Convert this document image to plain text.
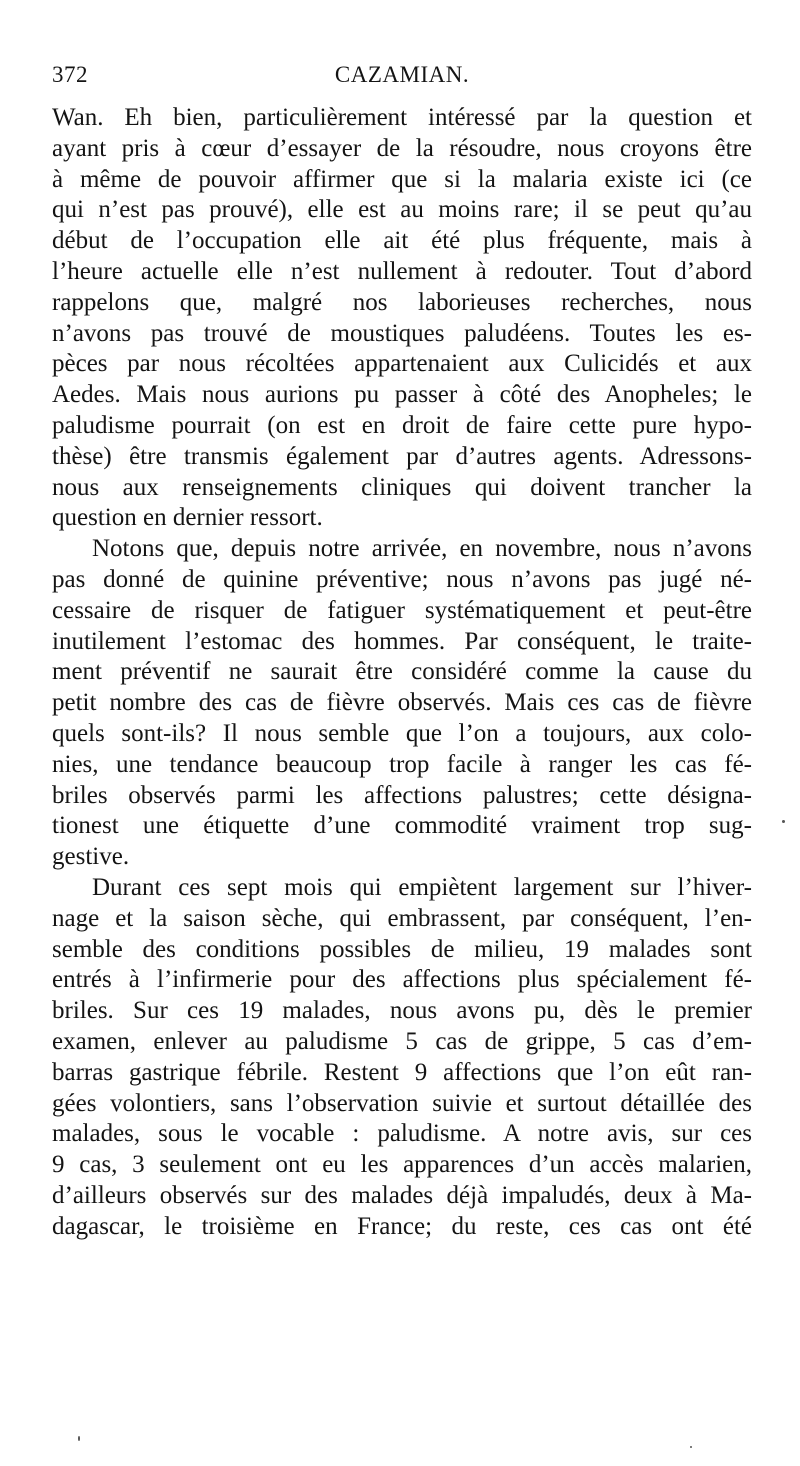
372	CAZAMIAN.
Wan. Eh bien, particulièrement intéressé par la question et
ayant pris à cœur d’essayer de la résoudre, nous croyons être
à même de pouvoir affirmer que si la malaria existe ici (ce
qui n’est pas prouvé), elle est au moins rare; il se peut qu’au
début de l’occupation elle ait été plus fréquente, mais à
l’heure actuelle elle n’est nullement à redouter. Tout d’abord
rappelons que, malgré nos laborieuses recherches, nous
n’avons pas trouvé de moustiques paludéens. Toutes les es-
pèces par nous récoltées appartenaient aux Culicidés et aux
Aedes. Mais nous aurions pu passer à côté des Anopheles; le
paludisme pourrait (on est en droit de faire cette pure hypo-
thèse) être transmis également par d’autres agents. Adressons-
nous aux renseignements cliniques qui doivent trancher la
question en dernier ressort.
Notons que, depuis notre arrivée, en novembre, nous n’avons
pas donné de quinine préventive; nous n’avons pas jugé né-
cessaire de risquer de fatiguer systématiquement et peut-être
inutilement l’estomac des hommes. Par conséquent, le traite-
ment préventif ne saurait être considéré comme la cause du
petit nombre des cas de fièvre observés. Mais ces cas de fièvre
quels sont-ils? Il nous semble que l’on a toujours, aux colo-
nies, une tendance beaucoup trop facile à ranger les cas fé-
briles observés parmi les affections palustres; cette désigna-
tionest une étiquette d’une commodité vraiment trop sug-
gestive.
Durant ces sept mois qui empiètent largement sur l’hiver-
nage et la saison sèche, qui embrassent, par conséquent, l’en-
semble des conditions possibles de milieu, 19 malades sont
entrés à l’infirmerie pour des affections plus spécialement fé-
briles. Sur ces 19 malades, nous avons pu, dès le premier
examen, enlever au paludisme 5 cas de grippe, 5 cas d’em-
barras gastrique fébrile. Restent 9 affections que l’on eût ran-
gées volontiers, sans l’observation suivie et surtout détaillée des
malades, sous le vocable : paludisme. A notre avis, sur ces
9 cas, 3 seulement ont eu les apparences d’un accès malarien,
d’ailleurs observés sur des malades déjà impaludés, deux à Ma-
dagascar, le troisième en France; du reste, ces cas ont été
